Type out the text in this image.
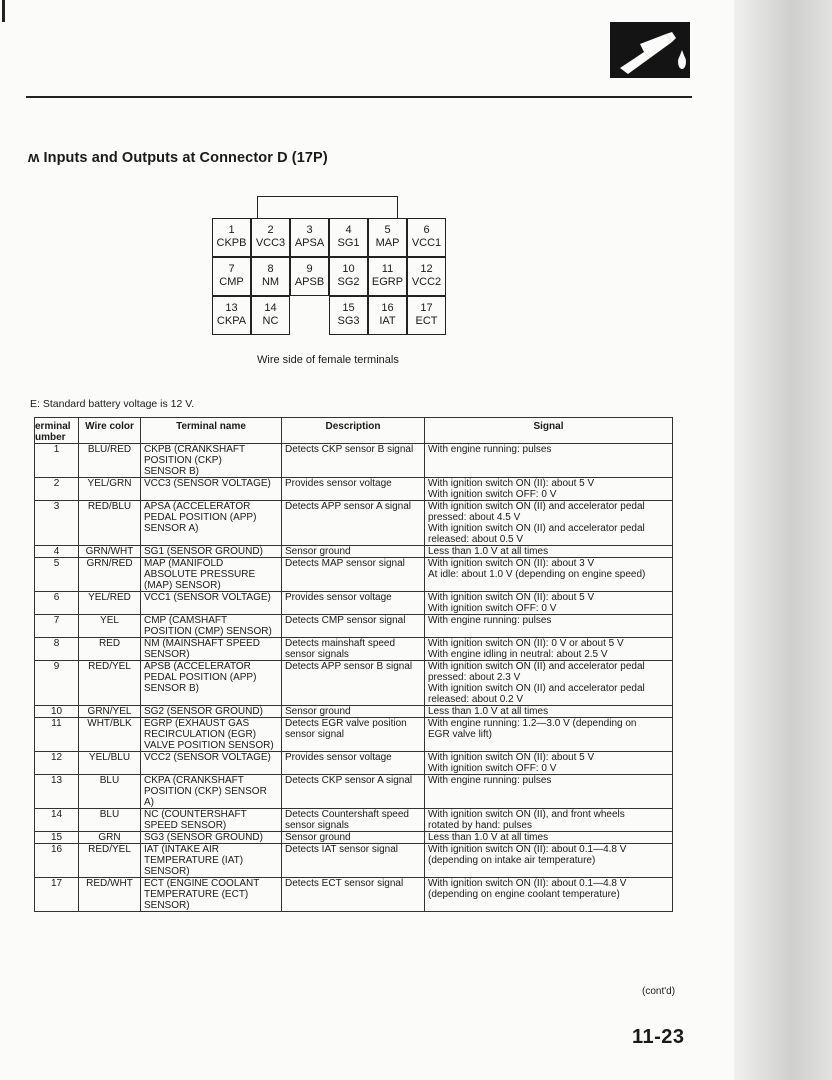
ʍ Inputs and Outputs at Connector D (17P)
1
CKPB
2
VCC3
3
APSA
4
SG1
5
MAP
6
VCC1
7
CMP
8
NM
9
APSB
10
SG2
11
EGRP
12
VCC2
13
CKPA
14
NC
15
SG3
16
IAT
17
ECT
Wire side of female terminals
E: Standard battery voltage is 12 V.
erminal umber	Wire color	Terminal name	Description	Signal
1	BLU/RED	CKPB (CRANKSHAFT
POSITION (CKP)
SENSOR B)	Detects CKP sensor B signal	With engine running: pulses

2	YEL/GRN	VCC3 (SENSOR VOLTAGE)	Provides sensor voltage	With ignition switch ON (II): about 5 V
With ignition switch OFF: 0 V

3	RED/BLU	APSA (ACCELERATOR
PEDAL POSITION (APP)
SENSOR A)	Detects APP sensor A signal	With ignition switch ON (II) and accelerator pedal
pressed: about 4.5 V
With ignition switch ON (II) and accelerator pedal
released: about 0.5 V

4	GRN/WHT	SG1 (SENSOR GROUND)	Sensor ground	Less than 1.0 V at all times

5	GRN/RED	MAP (MANIFOLD
ABSOLUTE PRESSURE
(MAP) SENSOR)	Detects MAP sensor signal	With ignition switch ON (II): about 3 V
At idle: about 1.0 V (depending on engine speed)

6	YEL/RED	VCC1 (SENSOR VOLTAGE)	Provides sensor voltage	With ignition switch ON (II): about 5 V
With ignition switch OFF: 0 V

7	YEL	CMP (CAMSHAFT
POSITION (CMP) SENSOR)	Detects CMP sensor signal	With engine running: pulses

8	RED	NM (MAINSHAFT SPEED
SENSOR)	Detects mainshaft speed
sensor signals	With ignition switch ON (II): 0 V or about 5 V
With engine idling in neutral: about 2.5 V

9	RED/YEL	APSB (ACCELERATOR
PEDAL POSITION (APP)
SENSOR B)	Detects APP sensor B signal	With ignition switch ON (II) and accelerator pedal
pressed: about 2.3 V
With ignition switch ON (II) and accelerator pedal
released: about 0.2 V

10	GRN/YEL	SG2 (SENSOR GROUND)	Sensor ground	Less than 1.0 V at all times

11	WHT/BLK	EGRP (EXHAUST GAS
RECIRCULATION (EGR)
VALVE POSITION SENSOR)	Detects EGR valve position
sensor signal	With engine running: 1.2—3.0 V (depending on
EGR valve lift)

12	YEL/BLU	VCC2 (SENSOR VOLTAGE)	Provides sensor voltage	With ignition switch ON (II): about 5 V
With ignition switch OFF: 0 V

13	BLU	CKPA (CRANKSHAFT
POSITION (CKP) SENSOR
A)	Detects CKP sensor A signal	With engine running: pulses

14	BLU	NC (COUNTERSHAFT
SPEED SENSOR)	Detects Countershaft speed
sensor signals	With ignition switch ON (II), and front wheels
rotated by hand: pulses

15	GRN	SG3 (SENSOR GROUND)	Sensor ground	Less than 1.0 V at all times

16	RED/YEL	IAT (INTAKE AIR
TEMPERATURE (IAT)
SENSOR)	Detects IAT sensor signal	With ignition switch ON (II): about 0.1—4.8 V
(depending on intake air temperature)

17	RED/WHT	ECT (ENGINE COOLANT
TEMPERATURE (ECT)
SENSOR)	Detects ECT sensor signal	With ignition switch ON (II): about 0.1—4.8 V
(depending on engine coolant temperature)
(cont'd)
11-23
